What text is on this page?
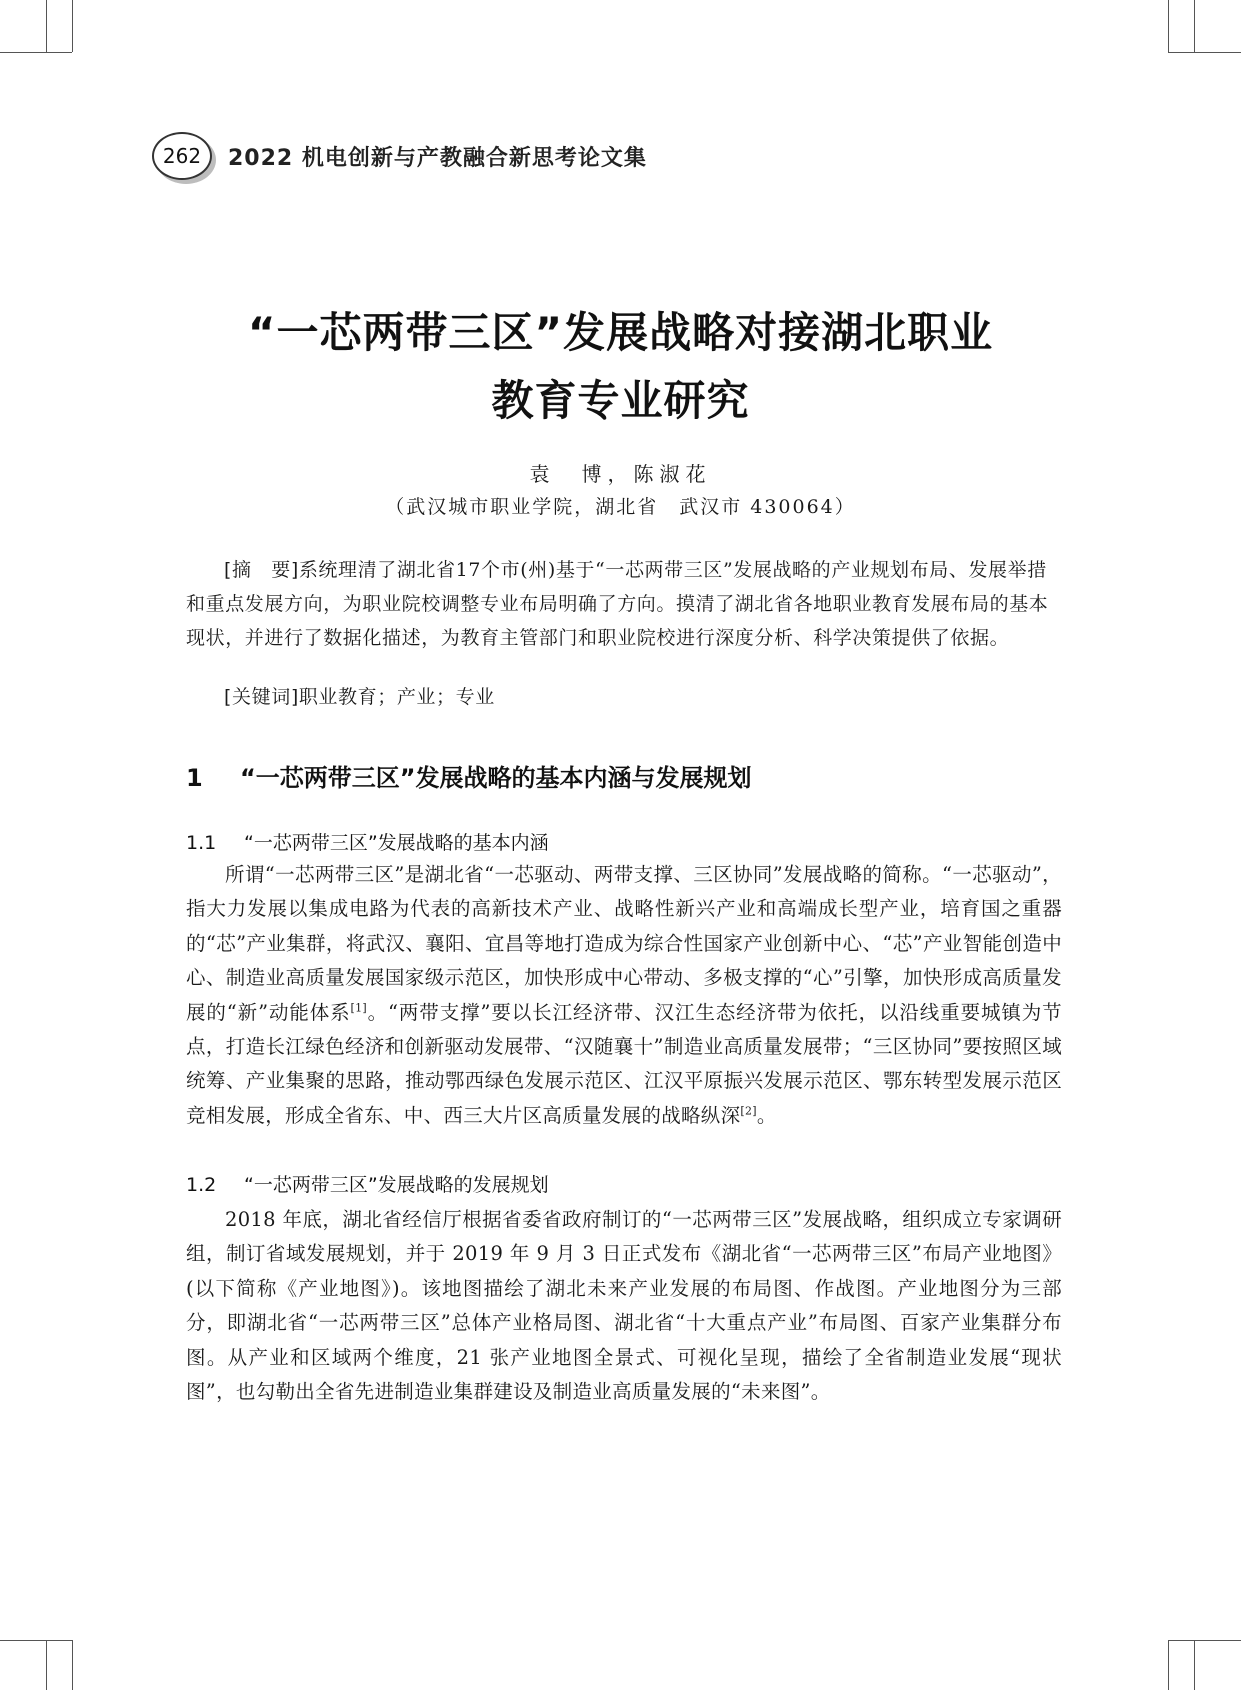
262	2022 机电创新与产教融合新思考论文集
“一芯两带三区”发展战略对接湖北职业
教育专业研究
袁　博，陈淑花
（武汉城市职业学院，湖北省　武汉市 430064）
[摘　要]系统理清了湖北省17个市(州)基于“一芯两带三区”发展战略的产业规划布局、发展举措和重点发展方向，为职业院校调整专业布局明确了方向。摸清了湖北省各地职业教育发展布局的基本现状，并进行了数据化描述，为教育主管部门和职业院校进行深度分析、科学决策提供了依据。
[关键词]职业教育；产业；专业
1 “一芯两带三区”发展战略的基本内涵与发展规划
1.1 “一芯两带三区”发展战略的基本内涵
所谓“一芯两带三区”是湖北省“一芯驱动、两带支撑、三区协同”发展战略的简称。“一芯驱动”，指大力发展以集成电路为代表的高新技术产业、战略性新兴产业和高端成长型产业，培育国之重器的“芯”产业集群，将武汉、襄阳、宜昌等地打造成为综合性国家产业创新中心、“芯”产业智能创造中心、制造业高质量发展国家级示范区，加快形成中心带动、多极支撑的“心”引擎，加快形成高质量发展的“新”动能体系[1]。“两带支撑”要以长江经济带、汉江生态经济带为依托，以沿线重要城镇为节点，打造长江绿色经济和创新驱动发展带、“汉随襄十”制造业高质量发展带；“三区协同”要按照区域统筹、产业集聚的思路，推动鄂西绿色发展示范区、江汉平原振兴发展示范区、鄂东转型发展示范区竞相发展，形成全省东、中、西三大片区高质量发展的战略纵深[2]。
1.2 “一芯两带三区”发展战略的发展规划
2018 年底，湖北省经信厅根据省委省政府制订的“一芯两带三区”发展战略，组织成立专家调研组，制订省域发展规划，并于 2019 年 9 月 3 日正式发布《湖北省“一芯两带三区”布局产业地图》(以下简称《产业地图》)。该地图描绘了湖北未来产业发展的布局图、作战图。产业地图分为三部分，即湖北省“一芯两带三区”总体产业格局图、湖北省“十大重点产业”布局图、百家产业集群分布图。从产业和区域两个维度，21 张产业地图全景式、可视化呈现，描绘了全省制造业发展“现状图”，也勾勒出全省先进制造业集群建设及制造业高质量发展的“未来图”。
